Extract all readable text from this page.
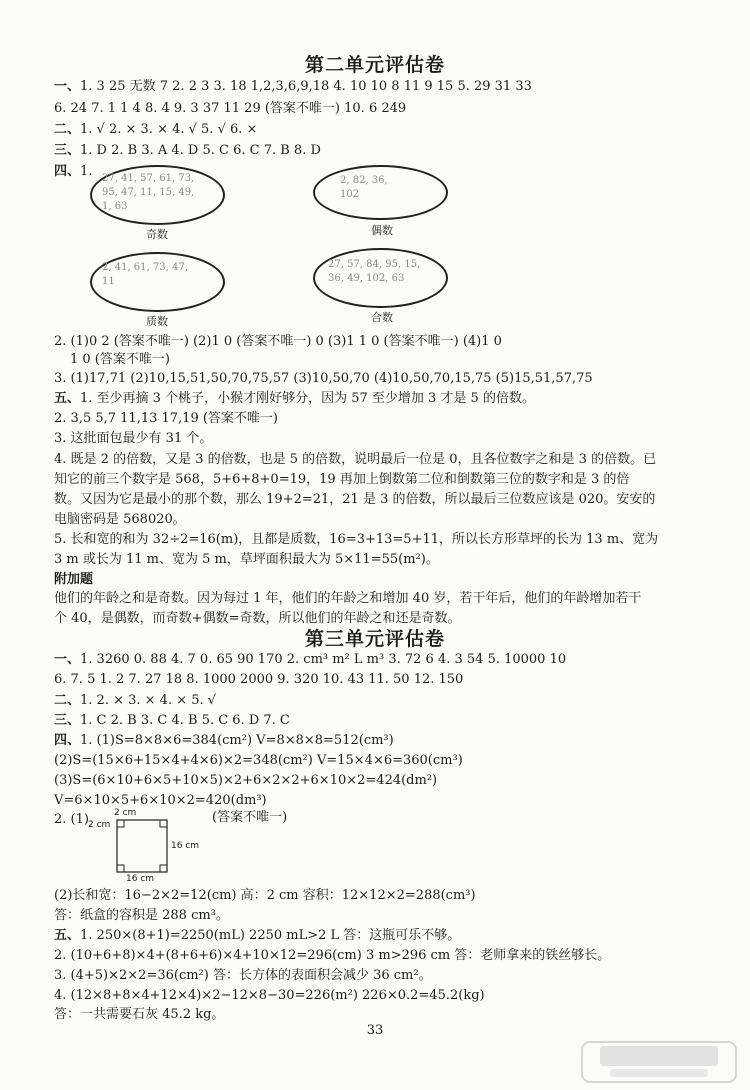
第二单元评估卷
一、1. 3 25 无数 7 2. 2 3 3. 18 1,2,3,6,9,18 4. 10 10 8 11 9 15 5. 29 31 33
6. 24 7. 1 1 4 8. 4 9. 3 37 11 29 (答案不唯一) 10. 6 249
二、1. √ 2. × 3. × 4. √ 5. √ 6. ×
三、1. D 2. B 3. A 4. D 5. C 6. C 7. B 8. D
四、1. 27, 41, 57, 61, 73,
95, 47, 11, 15, 49,
1, 63
奇数
2, 82, 36,
102
偶数
2, 41, 61, 73, 47,
11
质数
27, 57, 84, 95, 15,
36, 49, 102, 63
合数
2. (1)0 2 (答案不唯一) (2)1 0 (答案不唯一) 0 (3)1 1 0 (答案不唯一) (4)1 0
1 0 (答案不唯一)
3. (1)17,71 (2)10,15,51,50,70,75,57 (3)10,50,70 (4)10,50,70,15,75 (5)15,51,57,75
五、1. 至少再摘 3 个桃子，小猴才刚好够分，因为 57 至少增加 3 才是 5 的倍数。
2. 3,5 5,7 11,13 17,19 (答案不唯一)
3. 这批面包最少有 31 个。
4. 既是 2 的倍数，又是 3 的倍数，也是 5 的倍数，说明最后一位是 0，且各位数字之和是 3 的倍数。已
知它的前三个数字是 568，5+6+8+0=19，19 再加上倒数第二位和倒数第三位的数字和是 3 的倍
数。又因为它是最小的那个数，那么 19+2=21，21 是 3 的倍数，所以最后三位数应该是 020。安安的
电脑密码是 568020。
5. 长和宽的和为 32÷2=16(m)，且都是质数，16=3+13=5+11，所以长方形草坪的长为 13 m、宽为
3 m 或长为 11 m、宽为 5 m，草坪面积最大为 5×11=55(m²)。
附加题
他们的年龄之和是奇数。因为每过 1 年，他们的年龄之和增加 40 岁，若干年后，他们的年龄增加若干
个 40，是偶数，而奇数+偶数=奇数，所以他们的年龄之和还是奇数。
第三单元评估卷
一、1. 3260 0. 88 4. 7 0. 65 90 170 2. cm³ m² L m³ 3. 72 6 4. 3 54 5. 10000 10
6. 7. 5 1. 2 7. 27 18 8. 1000 2000 9. 320 10. 43 11. 50 12. 150
二、1. 2. × 3. × 4. × 5. √
三、1. C 2. B 3. C 4. B 5. C 6. D 7. C
四、1. (1)S=8×8×6=384(cm²) V=8×8×8=512(cm³)
(2)S=(15×6+15×4+4×6)×2=348(cm²) V=15×4×6=360(cm³)
(3)S=(6×10+6×5+10×5)×2+6×2×2+6×10×2=424(dm²)
V=6×10×5+6×10×2=420(dm³)
2. (1)	(答案不唯一)
2 cm
2 cm
16 cm
16 cm
(2)长和宽：16−2×2=12(cm) 高：2 cm 容积：12×12×2=288(cm³)
答：纸盒的容积是 288 cm³。
五、1. 250×(8+1)=2250(mL) 2250 mL>2 L 答：这瓶可乐不够。
2. (10+6+8)×4+(8+6+6)×4+10×12=296(cm) 3 m>296 cm 答：老师拿来的铁丝够长。
3. (4+5)×2×2=36(cm²) 答：长方体的表面积会减少 36 cm²。
4. (12×8+8×4+12×4)×2−12×8−30=226(m²) 226×0.2=45.2(kg)
答：一共需要石灰 45.2 kg。
33
